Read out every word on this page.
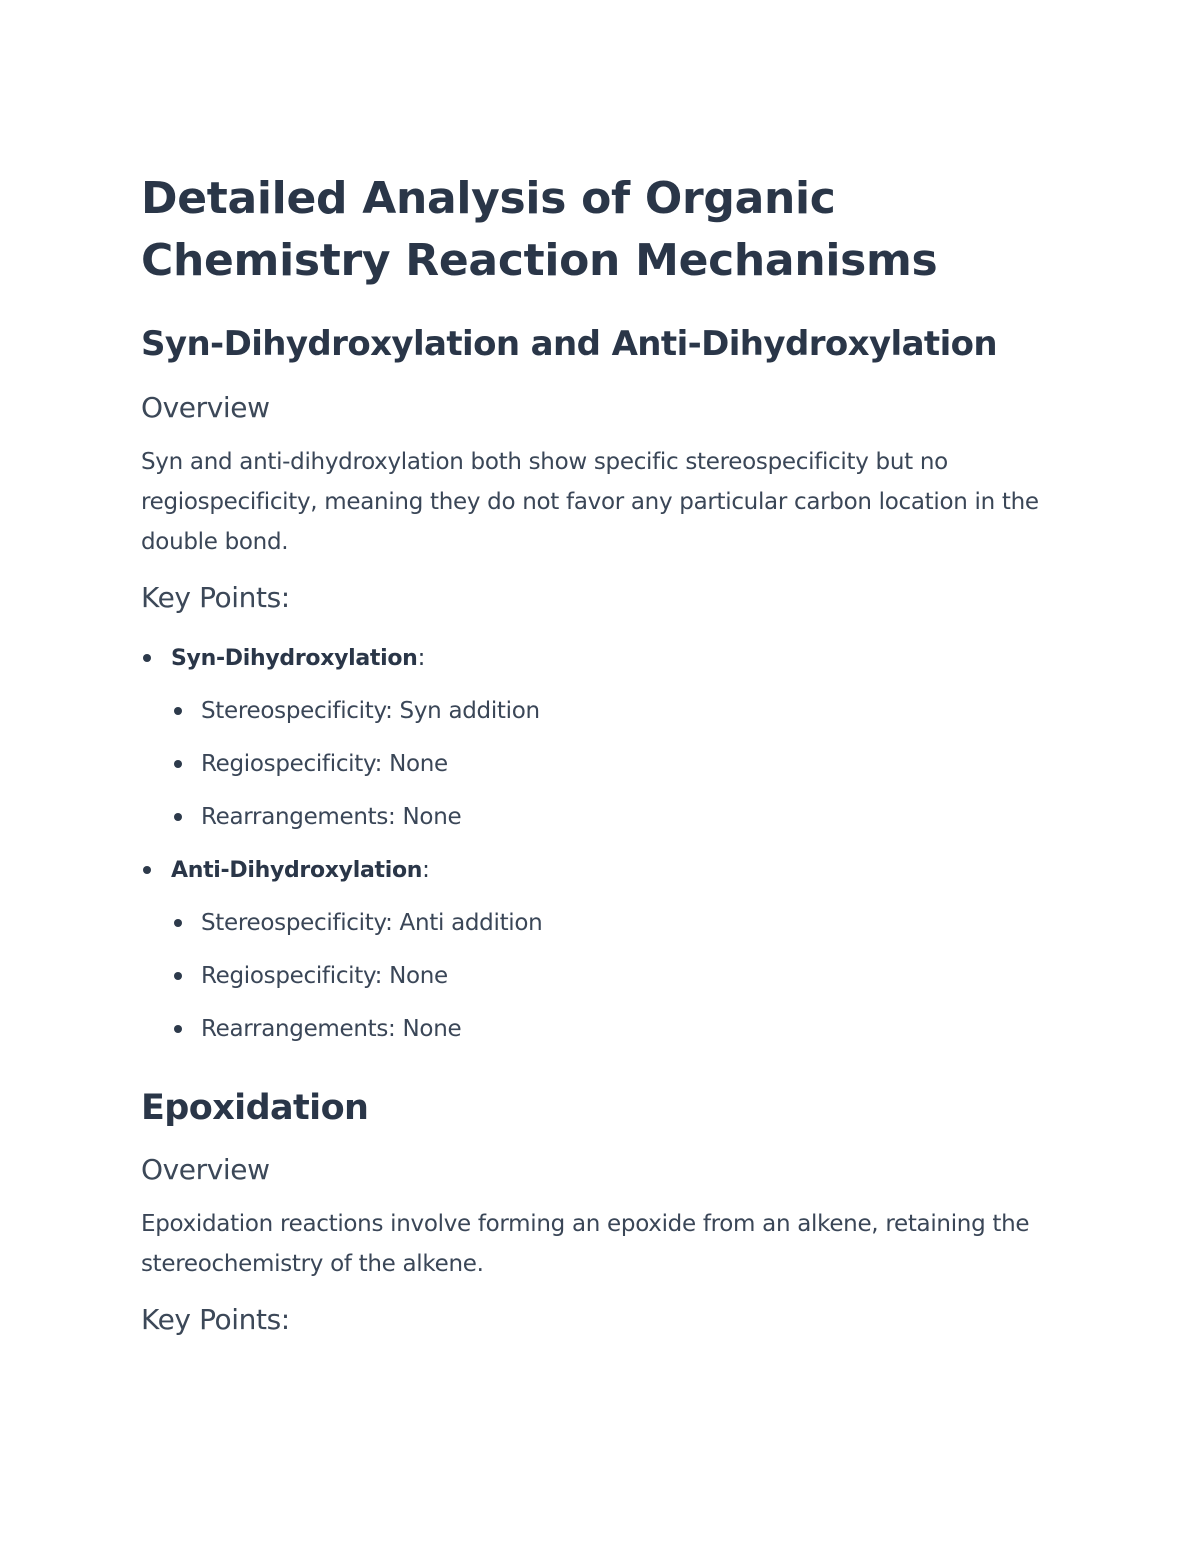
Detailed Analysis of Organic Chemistry Reaction Mechanisms
Syn-Dihydroxylation and Anti-Dihydroxylation
Overview

Syn and anti-dihydroxylation both show specific stereospecificity but no regiospecificity, meaning they do not favor any particular carbon location in the double bond.

Key Points:
Syn-Dihydroxylation:
Stereospecificity: Syn addition
Regiospecificity: None
Rearrangements: None
Anti-Dihydroxylation:
Stereospecificity: Anti addition
Regiospecificity: None
Rearrangements: None
Epoxidation
Overview

Epoxidation reactions involve forming an epoxide from an alkene, retaining the stereochemistry of the alkene.

Key Points:
